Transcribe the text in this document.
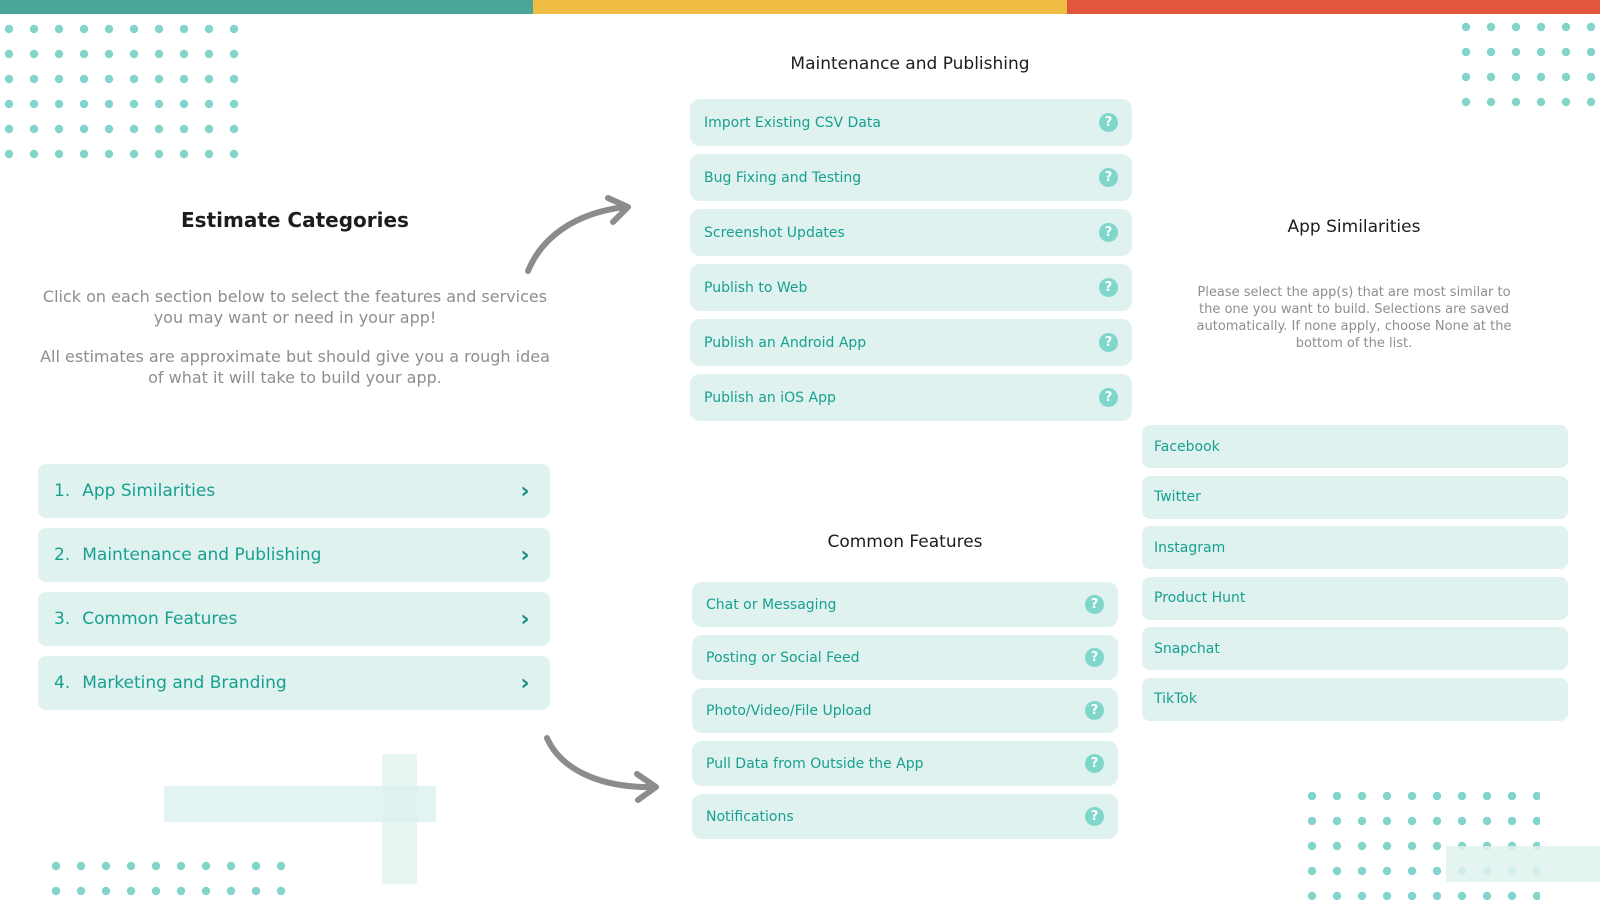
Estimate Categories

Click on each section below to select the features and services you may want or need in your app!

All estimates are approximate but should give you a rough idea of what it will take to build your app.

1. App Similarities	›
2. Maintenance and Publishing	›
3. Common Features	›
4. Marketing and Branding	›
Maintenance and Publishing
Import Existing CSV Data	?
Bug Fixing and Testing	?
Screenshot Updates	?
Publish to Web	?
Publish an Android App	?
Publish an iOS App	?
Common Features
Chat or Messaging	?
Posting or Social Feed	?
Photo/Video/File Upload	?
Pull Data from Outside the App	?
Notifications	?
App Similarities
Please select the app(s) that are most similar to the one you want to build. Selections are saved automatically. If none apply, choose None at the bottom of the list.
Facebook
Twitter
Instagram
Product Hunt
Snapchat
TikTok
